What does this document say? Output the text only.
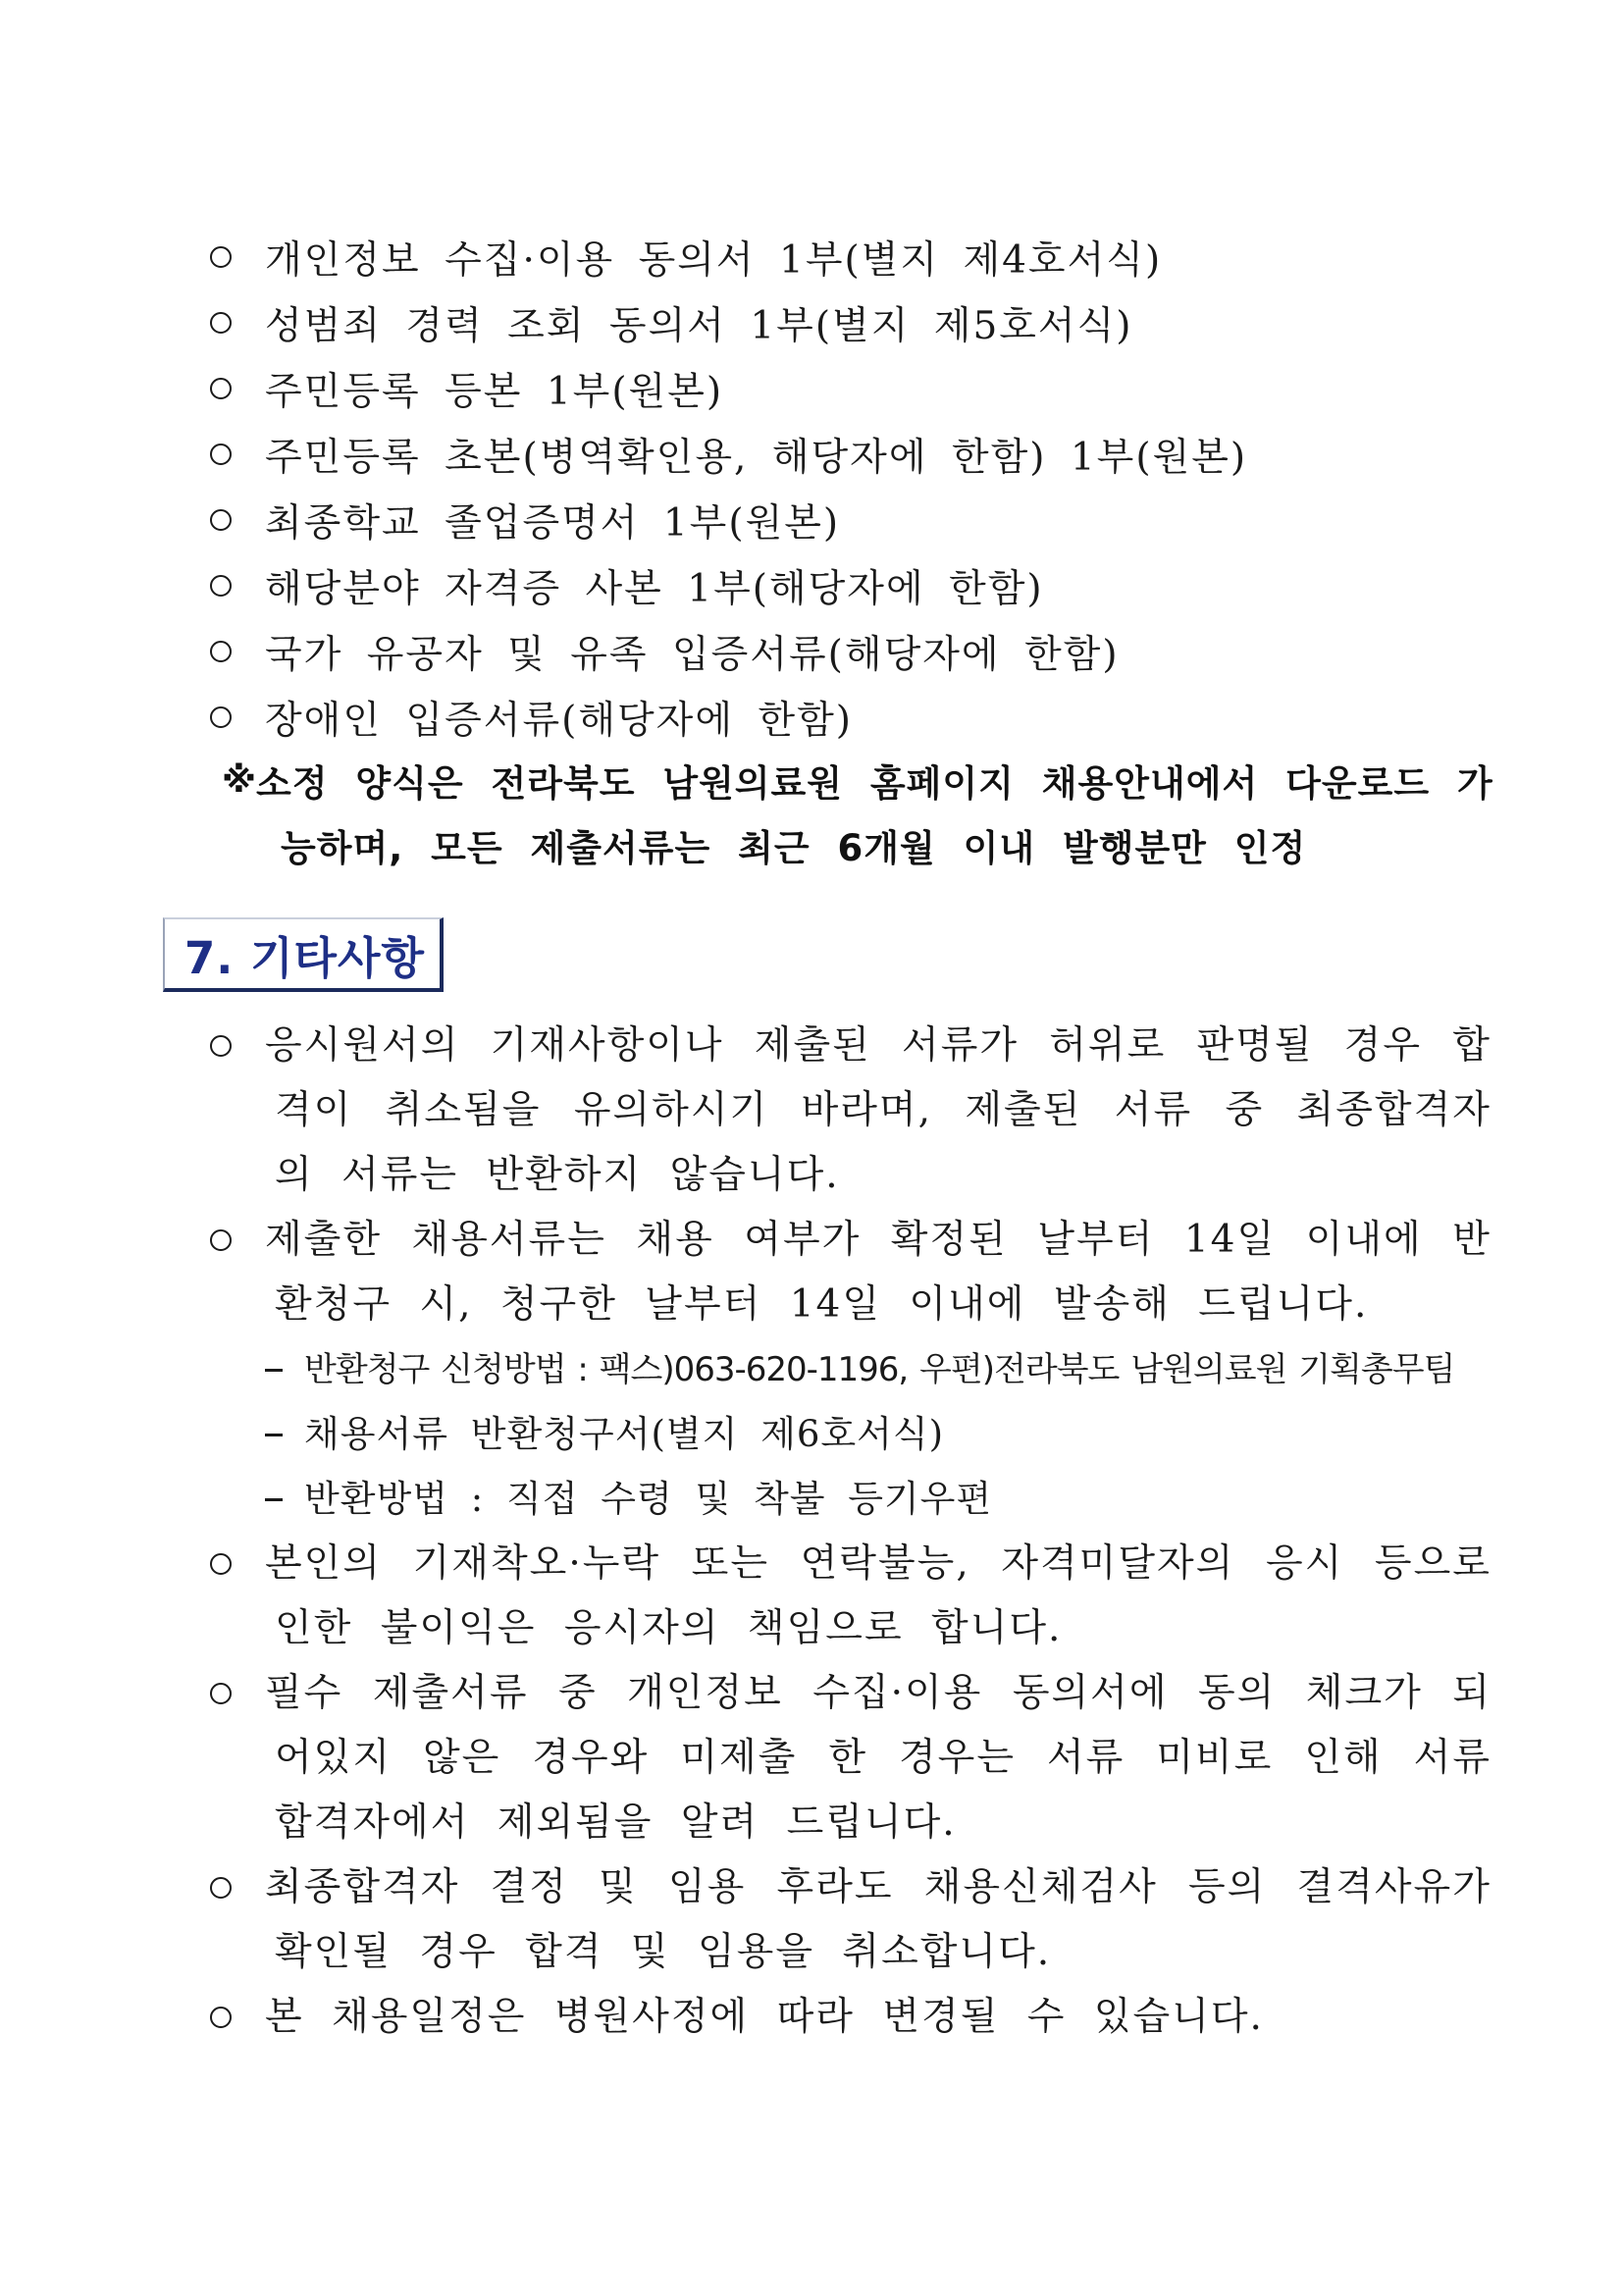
개인정보 수집·이용 동의서 1부(별지 제4호서식)
성범죄 경력 조회 동의서 1부(별지 제5호서식)
주민등록 등본 1부(원본)
주민등록 초본(병역확인용, 해당자에 한함) 1부(원본)
최종학교 졸업증명서 1부(원본)
해당분야 자격증 사본 1부(해당자에 한함)
국가 유공자 및 유족 입증서류(해당자에 한함)
장애인 입증서류(해당자에 한함)
※ 소정 양식은 전라북도 남원의료원 홈페이지 채용안내에서 다운로드 가
능하며, 모든 제출서류는 최근 6개월 이내 발행분만 인정
7. 기타사항
응시원서의 기재사항이나 제출된 서류가 허위로 판명될 경우 합
격이 취소됨을 유의하시기 바라며, 제출된 서류 중 최종합격자
의 서류는 반환하지 않습니다.
제출한 채용서류는 채용 여부가 확정된 날부터 14일 이내에 반
환청구 시, 청구한 날부터 14일 이내에 발송해 드립니다.
반환청구 신청방법 : 팩스)063-620-1196, 우편)전라북도 남원의료원 기획총무팀
채용서류 반환청구서(별지 제6호서식)
반환방법 : 직접 수령 및 착불 등기우편
본인의 기재착오·누락 또는 연락불능, 자격미달자의 응시 등으로
인한 불이익은 응시자의 책임으로 합니다.
필수 제출서류 중 개인정보 수집·이용 동의서에 동의 체크가 되
어있지 않은 경우와 미제출 한 경우는 서류 미비로 인해 서류
합격자에서 제외됨을 알려 드립니다.
최종합격자 결정 및 임용 후라도 채용신체검사 등의 결격사유가
확인될 경우 합격 및 임용을 취소합니다.
본 채용일정은 병원사정에 따라 변경될 수 있습니다.
